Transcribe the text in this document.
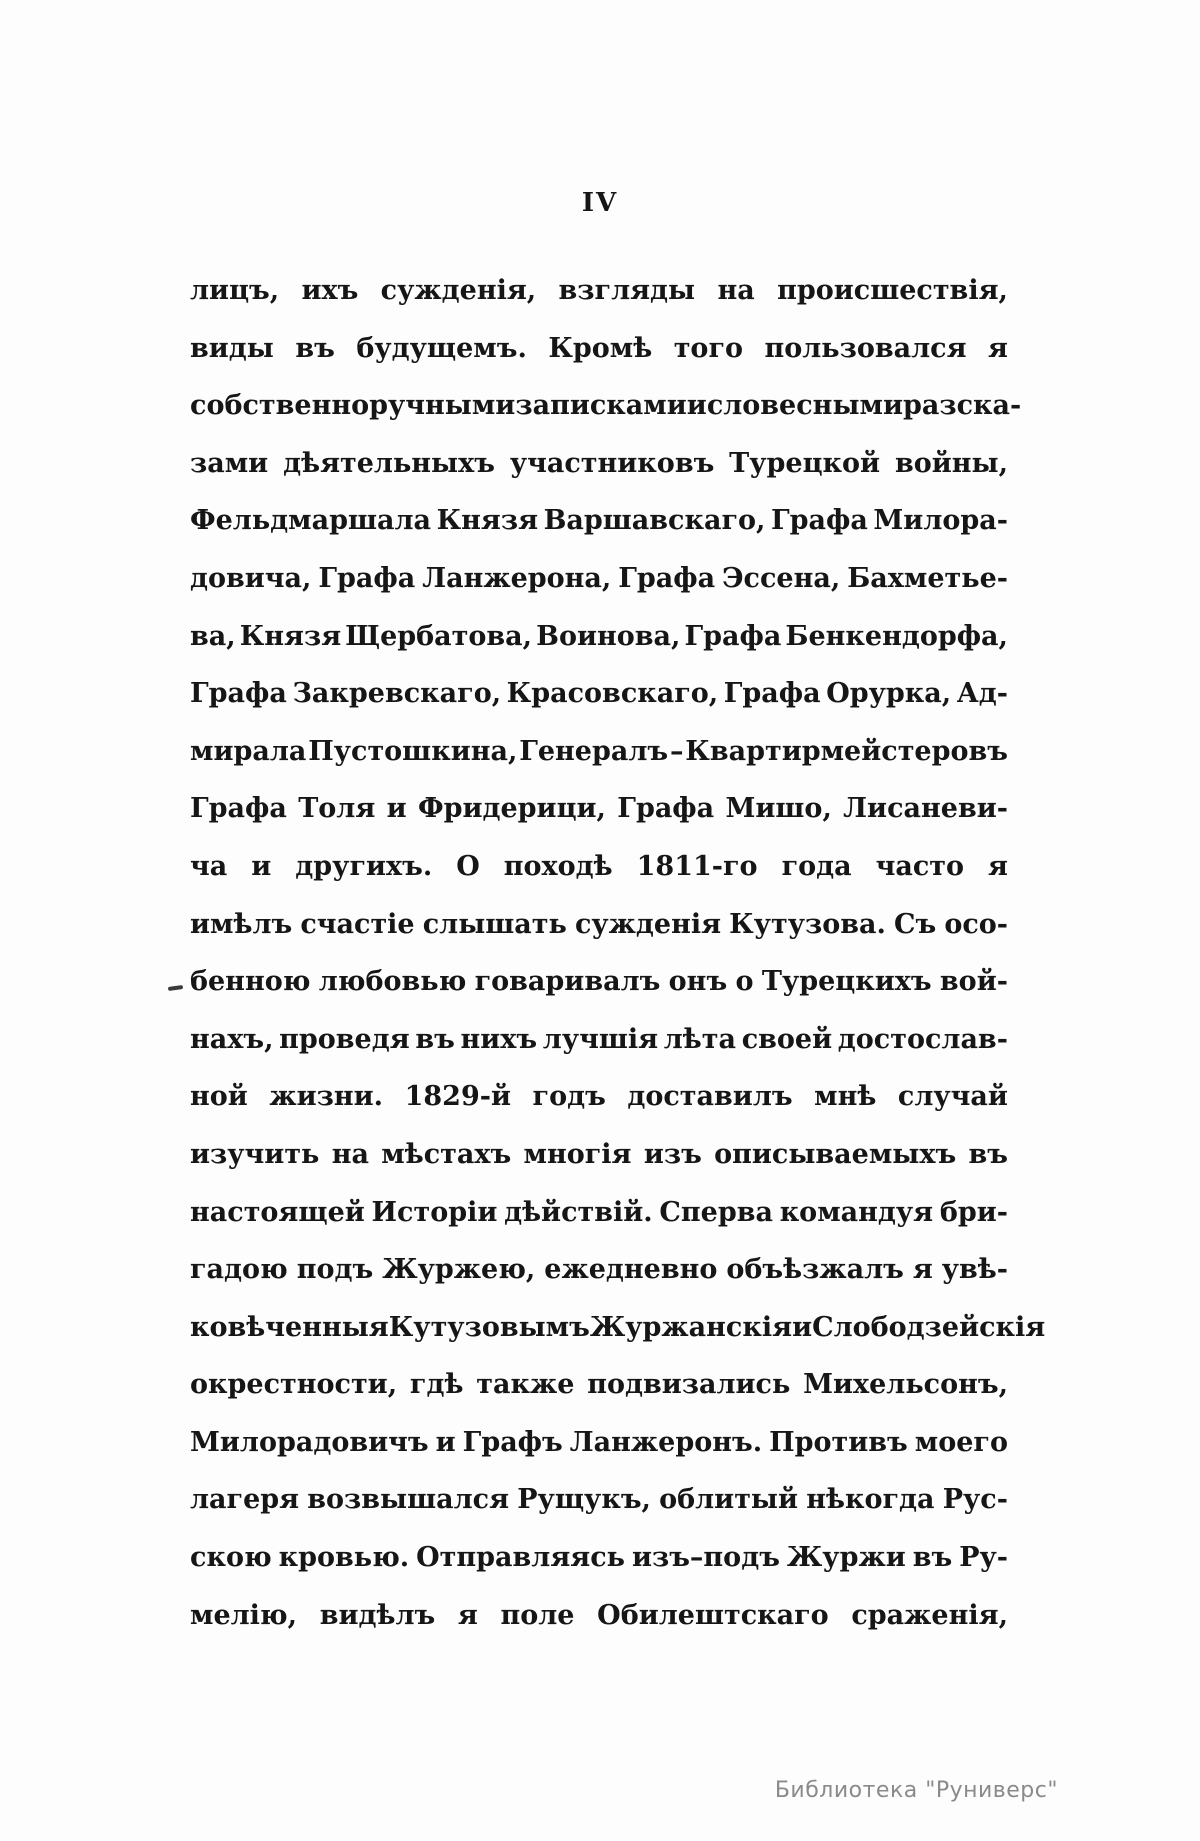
IV
лицъ, ихъ сужденія, взгляды на происшествія,
виды въ будущемъ. Кромѣ того пользовался я
собственноручными записками и словесными разска-
зами дѣятельныхъ участниковъ Турецкой войны,
Фельдмаршала Князя Варшавскаго, Графа Милора-
довича, Графа Ланжерона, Графа Эссена, Бахметье-
ва, Князя Щербатова, Воинова, Графа Бенкендорфа,
Графа Закревскаго, Красовскаго, Графа Орурка, Ад-
мирала Пустошкина, Генералъ – Квартирмейстеровъ
Графа Толя и Фридерици, Графа Мишо, Лисаневи-
ча и другихъ. О походѣ 1811-го года часто я
имѣлъ счастіе слышать сужденія Кутузова. Съ осо-
бенною любовью говаривалъ онъ о Турецкихъ вой-
нахъ, проведя въ нихъ лучшія лѣта своей достослав-
ной жизни. 1829-й годъ доставилъ мнѣ случай
изучить на мѣстахъ многія изъ описываемыхъ въ
настоящей Исторіи дѣйствій. Сперва командуя бри-
гадою подъ Журжею, ежедневно объѣзжалъ я увѣ-
ковѣченныя Кутузовымъ Журжанскія и Слободзейскія
окрестности, гдѣ также подвизались Михельсонъ,
Милорадовичъ и Графъ Ланжеронъ. Противъ моего
лагеря возвышался Рущукъ, облитый нѣкогда Рус-
скою кровью. Отправляясь изъ–подъ Журжи въ Ру-
мелію, видѣлъ я поле Обилештскаго сраженія,
Библиотека "Руниверс"
